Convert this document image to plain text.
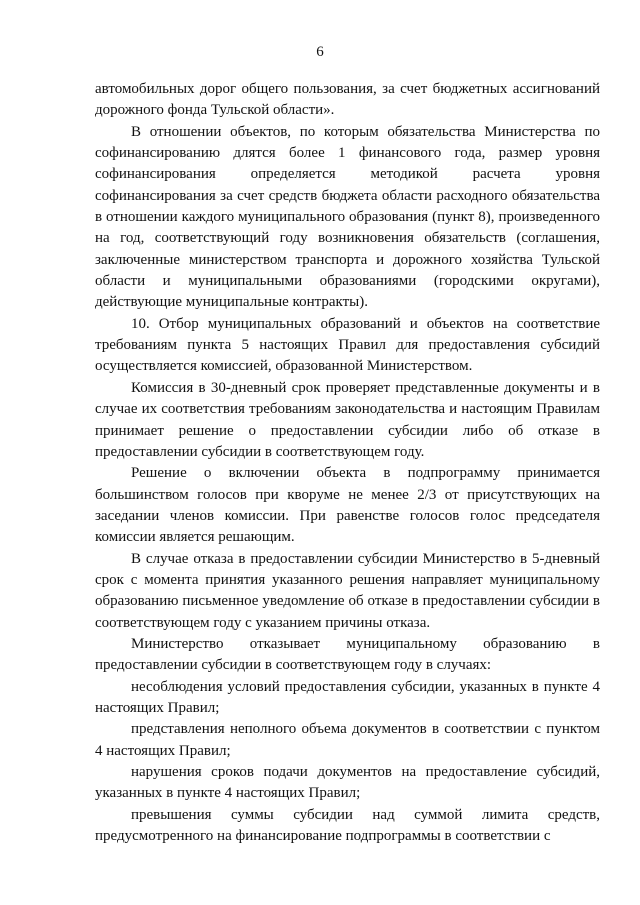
6

автомобильных дорог общего пользования, за счет бюджетных ассигнований дорожного фонда Тульской области».

В отношении объектов, по которым обязательства Министерства по софинансированию длятся более 1 финансового года, размер уровня софинансирования определяется методикой расчета уровня софинансирования за счет средств бюджета области расходного обязательства в отношении каждого муниципального образования (пункт 8), произведенного на год, соответствующий году возникновения обязательств (соглашения, заключенные министерством транспорта и дорожного хозяйства Тульской области и муниципальными образованиями (городскими округами), действующие муниципальные контракты).

10. Отбор муниципальных образований и объектов на соответствие требованиям пункта 5 настоящих Правил для предоставления субсидий осуществляется комиссией, образованной Министерством.

Комиссия в 30-дневный срок проверяет представленные документы и в случае их соответствия требованиям законодательства и настоящим Правилам принимает решение о предоставлении субсидии либо об отказе в предоставлении субсидии в соответствующем году.

Решение о включении объекта в подпрограмму принимается большинством голосов при кворуме не менее 2/3 от присутствующих на заседании членов комиссии. При равенстве голосов голос председателя комиссии является решающим.

В случае отказа в предоставлении субсидии Министерство в 5-дневный срок с момента принятия указанного решения направляет муниципальному образованию письменное уведомление об отказе в предоставлении субсидии в соответствующем году с указанием причины отказа.

Министерство отказывает муниципальному образованию в предоставлении субсидии в соответствующем году в случаях:

несоблюдения условий предоставления субсидии, указанных в пункте 4 настоящих Правил;

представления неполного объема документов в соответствии с пунктом 4 настоящих Правил;

нарушения сроков подачи документов на предоставление субсидий, указанных в пункте 4 настоящих Правил;

превышения суммы субсидии над суммой лимита средств, предусмотренного на финансирование подпрограммы в соответствии с
